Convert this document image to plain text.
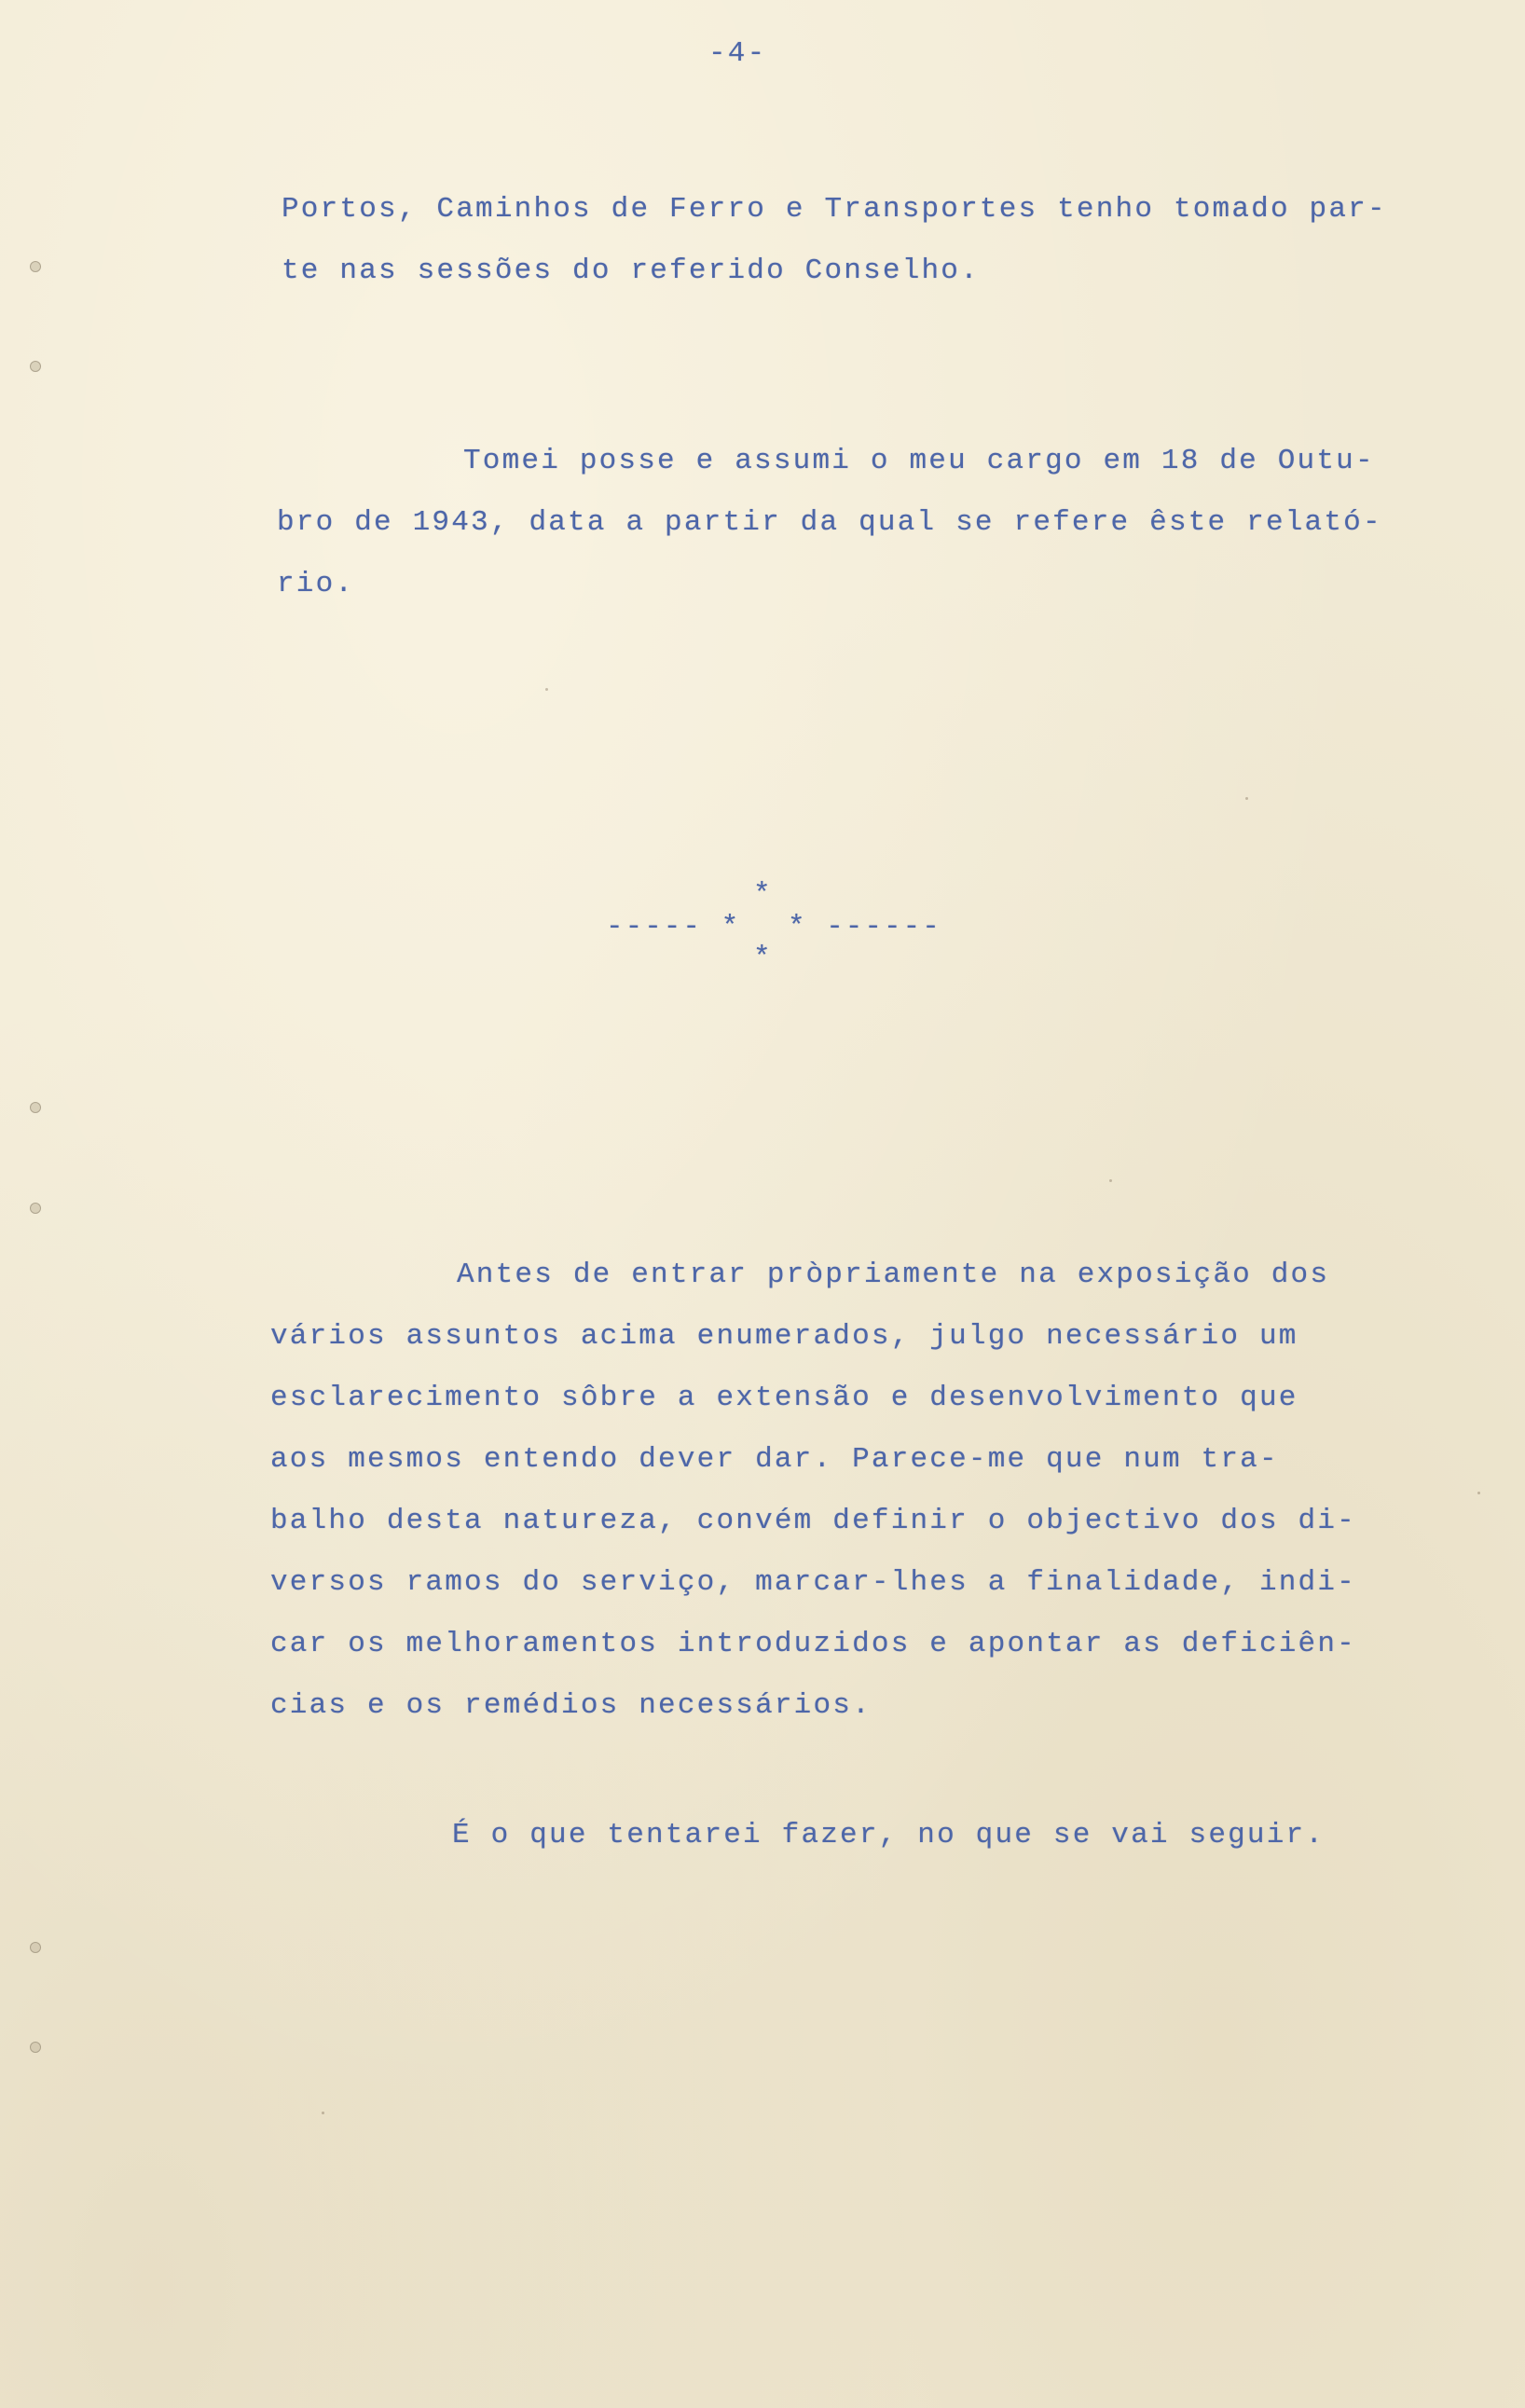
-4-
Portos, Caminhos de Ferro e Transportes tenho tomado par-
te nas sessões do referido Conselho.
Tomei posse e assumi o meu cargo em 18 de Outu-
bro de 1943, data a partir da qual se refere êste relató-
rio.

*

----- * * ------

*

Antes de entrar pròpriamente na exposição dos
vários assuntos acima enumerados, julgo necessário um
esclarecimento sôbre a extensão e desenvolvimento que
aos mesmos entendo dever dar. Parece-me que num tra-
balho desta natureza, convém definir o objectivo dos di-
versos ramos do serviço, marcar-lhes a finalidade, indi-
car os melhoramentos introduzidos e apontar as deficiên-
cias e os remédios necessários.
É o que tentarei fazer, no que se vai seguir.
